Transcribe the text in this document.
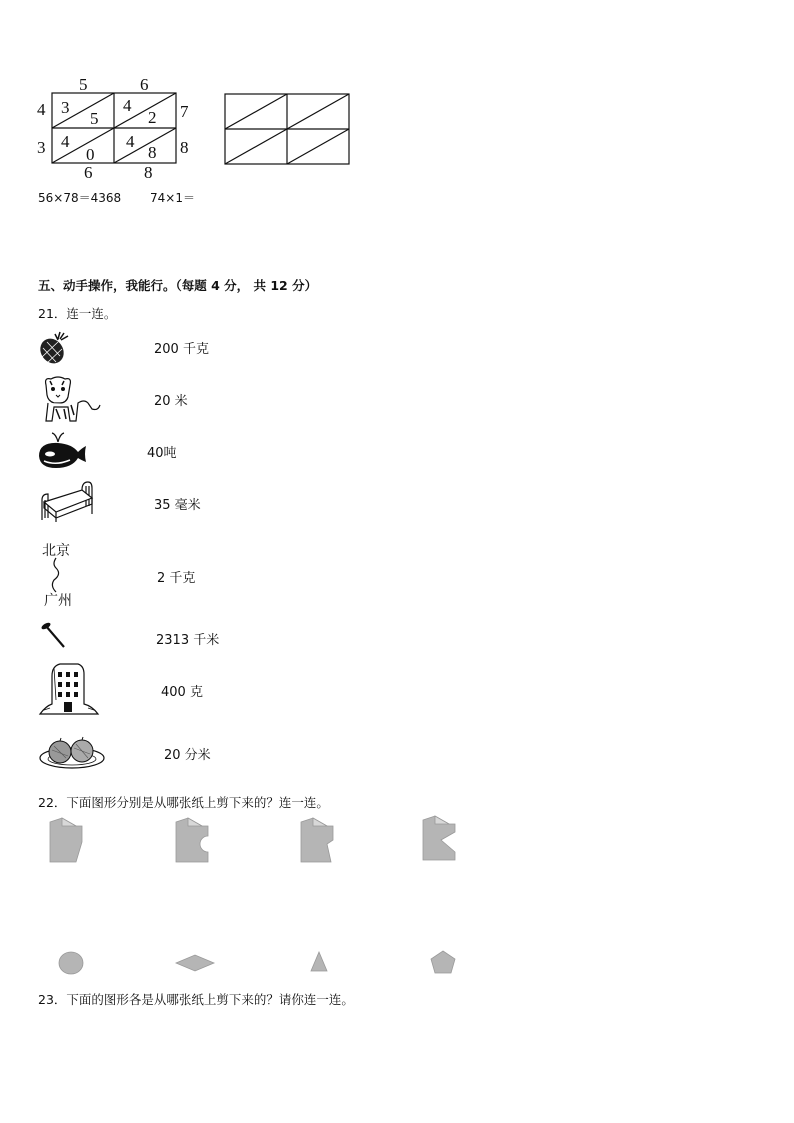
5	6
4
3
7
8
3
5
4
2
4
0
4
8
6	8
56×78＝4368 74×1＝
五、动手操作，我能行。（每题 4 分， 共 12 分）
21．连一连。
200 千克
20 米
40吨
35 毫米
北京
广州
2 千克
2313 千米
400 克
20 分米
22．下面图形分别是从哪张纸上剪下来的？连一连。
23．下面的图形各是从哪张纸上剪下来的？请你连一连。
